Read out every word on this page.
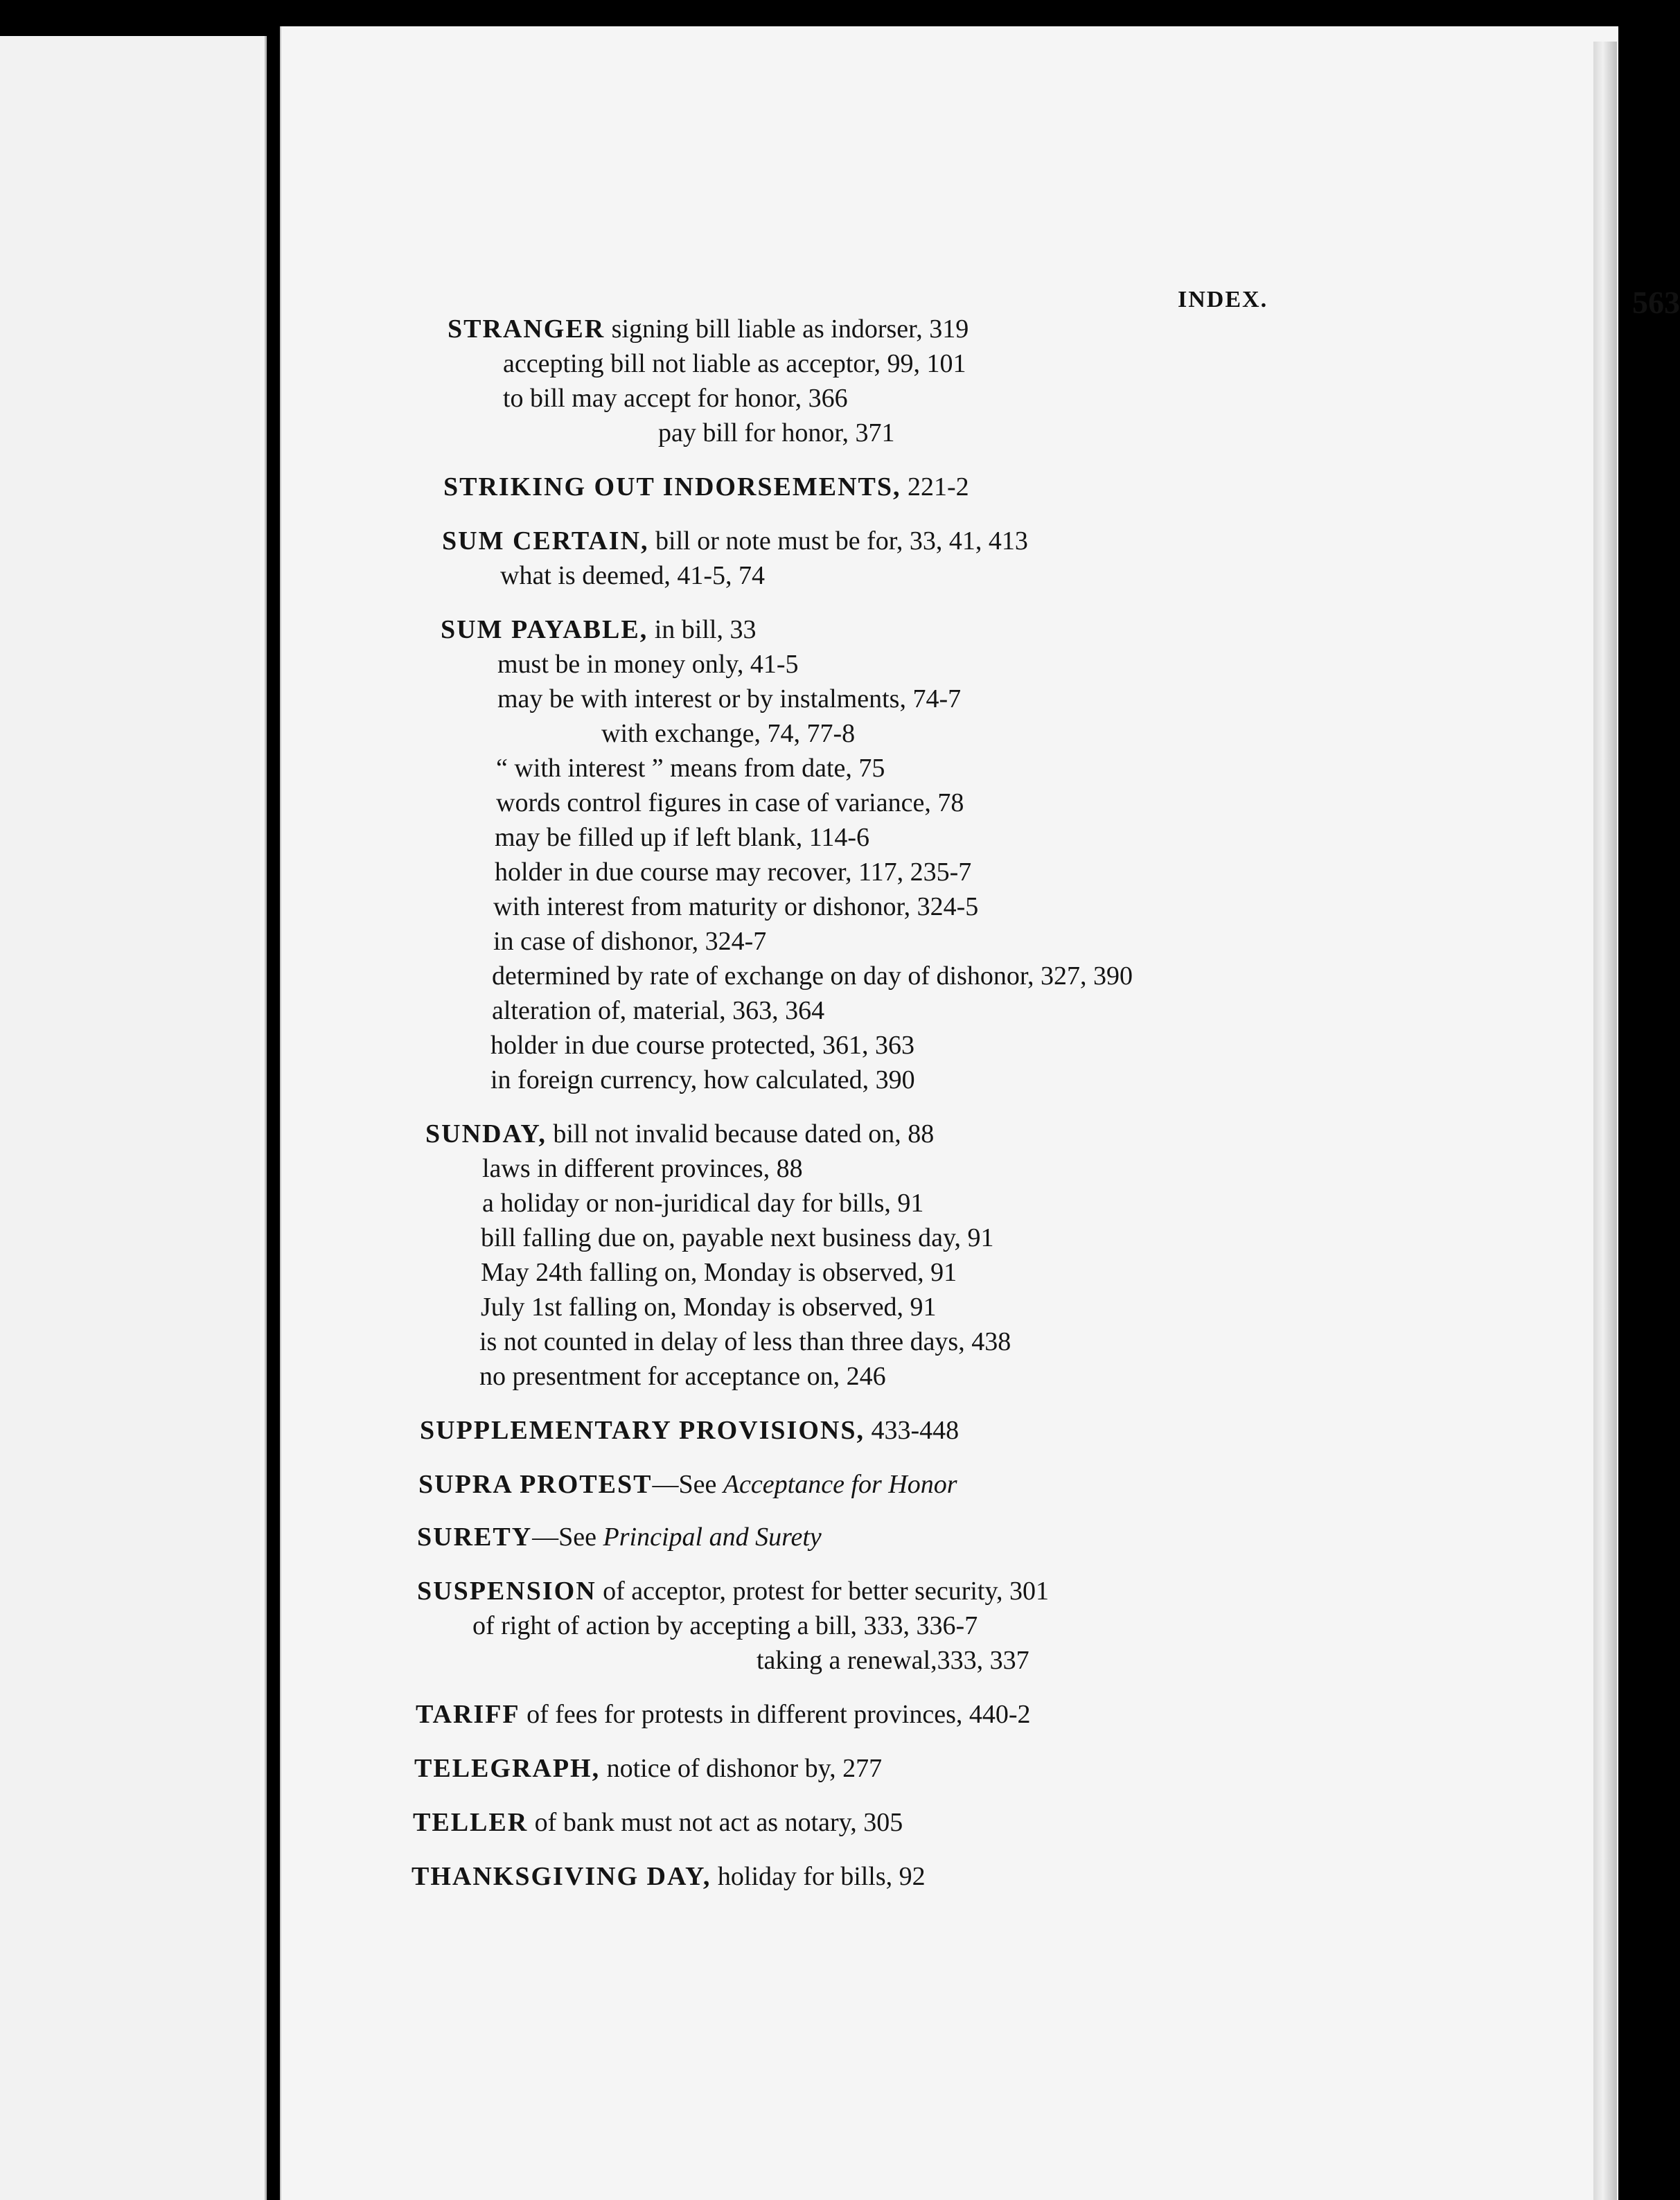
INDEX.	563
STRANGER signing bill liable as indorser, 319
accepting bill not liable as acceptor, 99, 101
to bill may accept for honor, 366
pay bill for honor, 371
STRIKING OUT INDORSEMENTS, 221-2
SUM CERTAIN, bill or note must be for, 33, 41, 413
what is deemed, 41-5, 74
SUM PAYABLE, in bill, 33
must be in money only, 41-5
may be with interest or by instalments, 74-7
with exchange, 74, 77-8
“ with interest ” means from date, 75
words control figures in case of variance, 78
may be filled up if left blank, 114-6
holder in due course may recover, 117, 235-7
with interest from maturity or dishonor, 324-5
in case of dishonor, 324-7
determined by rate of exchange on day of dishonor, 327, 390
alteration of, material, 363, 364
holder in due course protected, 361, 363
in foreign currency, how calculated, 390
SUNDAY, bill not invalid because dated on, 88
laws in different provinces, 88
a holiday or non-juridical day for bills, 91
bill falling due on, payable next business day, 91
May 24th falling on, Monday is observed, 91
July 1st falling on, Monday is observed, 91
is not counted in delay of less than three days, 438
no presentment for acceptance on, 246
SUPPLEMENTARY PROVISIONS, 433-448
SUPRA PROTEST—See Acceptance for Honor
SURETY—See Principal and Surety
SUSPENSION of acceptor, protest for better security, 301
of right of action by accepting a bill, 333, 336-7
taking a renewal,333, 337
TARIFF of fees for protests in different provinces, 440-2
TELEGRAPH, notice of dishonor by, 277
TELLER of bank must not act as notary, 305
THANKSGIVING DAY, holiday for bills, 92
